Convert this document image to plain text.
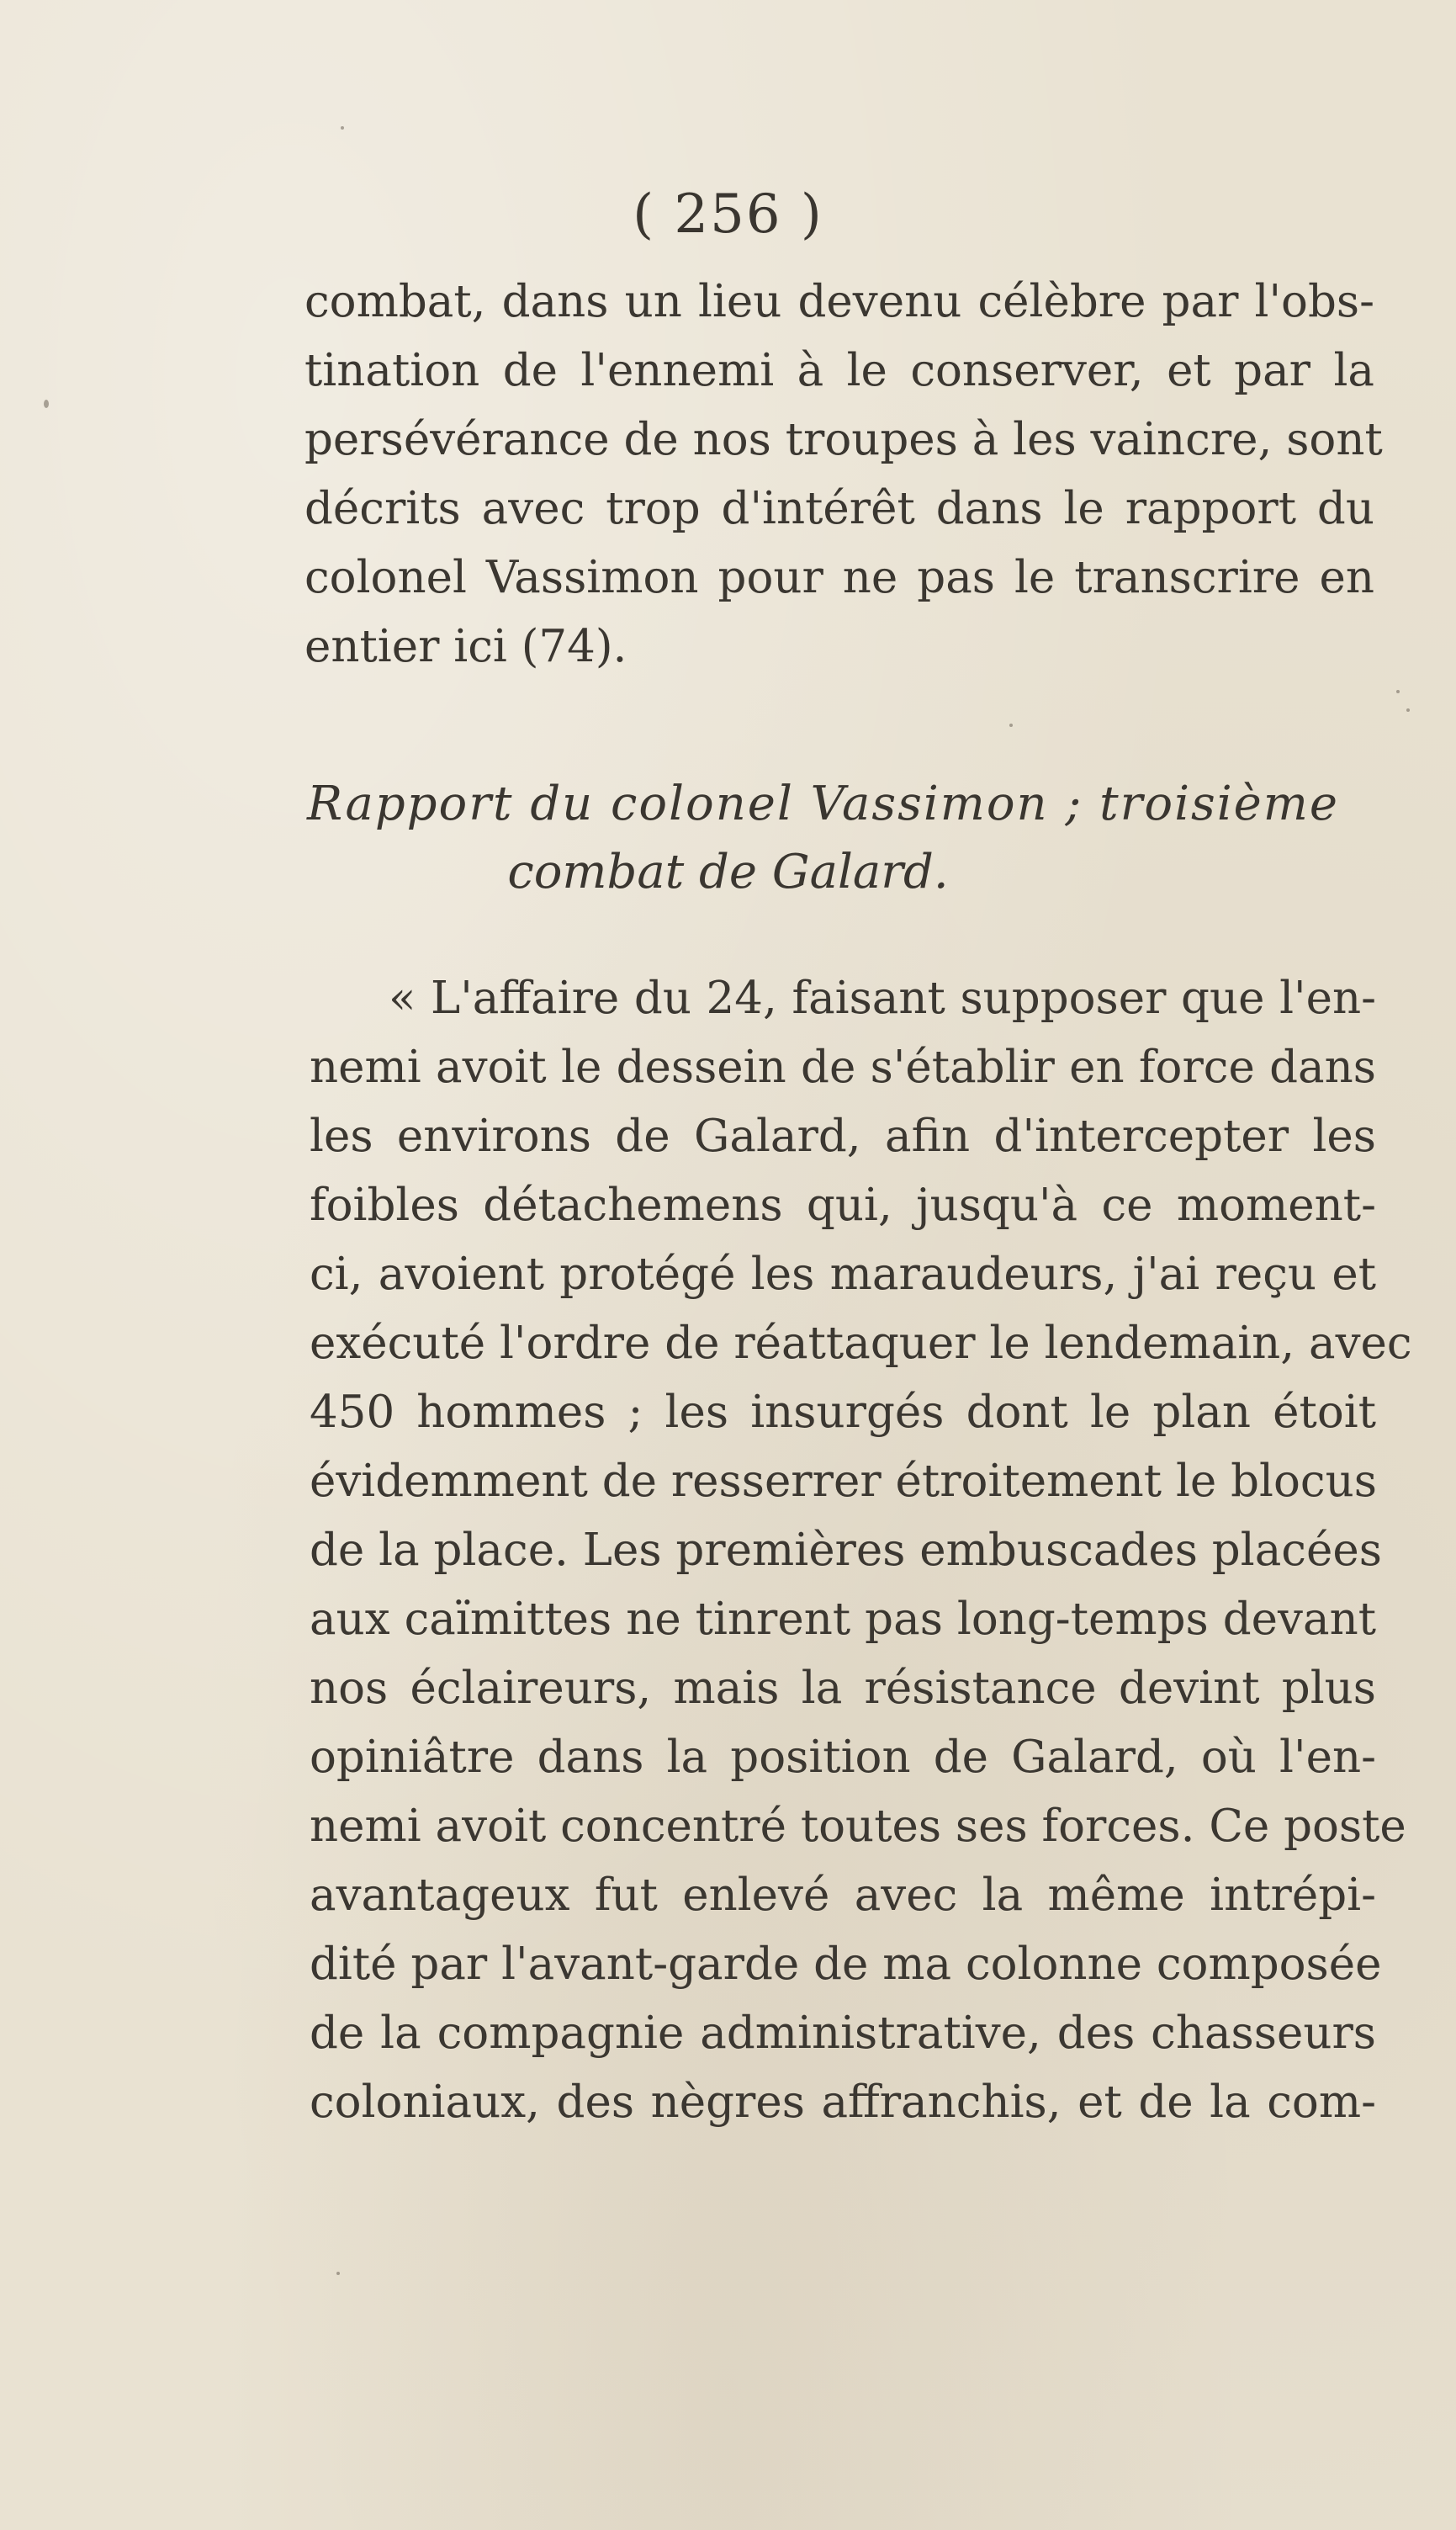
( 256 )
combat, dans un lieu devenu célèbre par l'obs-
tination de l'ennemi à le conserver, et par la
persévérance de nos troupes à les vaincre, sont
décrits avec trop d'intérêt dans le rapport du
colonel Vassimon pour ne pas le transcrire en
entier ici (74).
Rapport du colonel Vassimon ; troisième
combat de Galard.
« L'affaire du 24, faisant supposer que l'en-
nemi avoit le dessein de s'établir en force dans
les environs de Galard, afin d'intercepter les
foibles détachemens qui, jusqu'à ce moment-
ci, avoient protégé les maraudeurs, j'ai reçu et
exécuté l'ordre de réattaquer le lendemain, avec
450 hommes ; les insurgés dont le plan étoit
évidemment de resserrer étroitement le blocus
de la place. Les premières embuscades placées
aux caïmittes ne tinrent pas long-temps devant
nos éclaireurs, mais la résistance devint plus
opiniâtre dans la position de Galard, où l'en-
nemi avoit concentré toutes ses forces. Ce poste
avantageux fut enlevé avec la même intrépi-
dité par l'avant-garde de ma colonne composée
de la compagnie administrative, des chasseurs
coloniaux, des nègres affranchis, et de la com-
